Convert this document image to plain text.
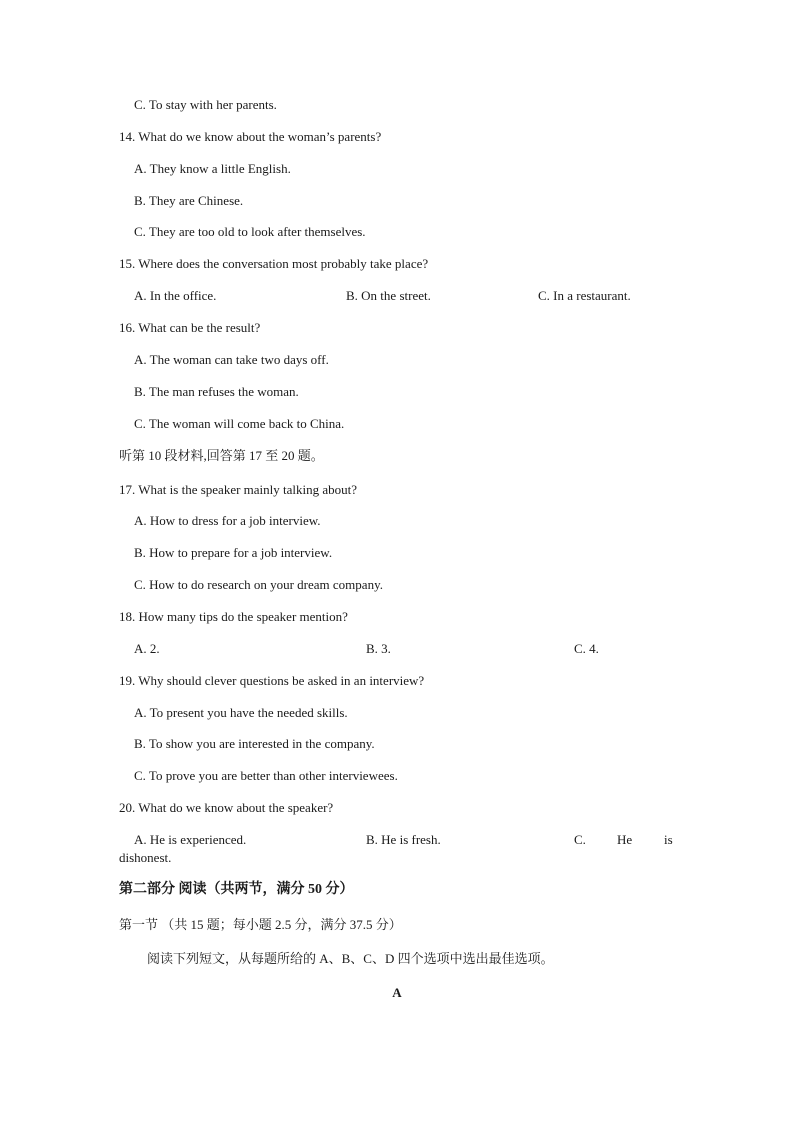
C. To stay with her parents.
14. What do we know about the woman’s parents?
A. They know a little English.
B. They are Chinese.
C. They are too old to look after themselves.
15. Where does the conversation most probably take place?
A. In the office.	B. On the street.	C. In a restaurant.
16. What can be the result?
A. The woman can take two days off.
B. The man refuses the woman.
C. The woman will come back to China.
听第 10 段材料,回答第 17 至 20 题。
17. What is the speaker mainly talking about?
A. How to dress for a job interview.
B. How to prepare for a job interview.
C. How to do research on your dream company.
18. How many tips do the speaker mention?
A. 2.	B. 3.	C. 4.
19. Why should clever questions be asked in an interview?
A. To present you have the needed skills.
B. To show you are interested in the company.
C. To prove you are better than other interviewees.
20. What do we know about the speaker?
A. He is experienced.	B. He is fresh.	C. He is
dishonest.
第二部分 阅读（共两节，满分 50 分）
第一节 （共 15 题；每小题 2.5 分，满分 37.5 分）
阅读下列短文，从每题所给的 A、B、C、D 四个选项中选出最佳选项。
A
